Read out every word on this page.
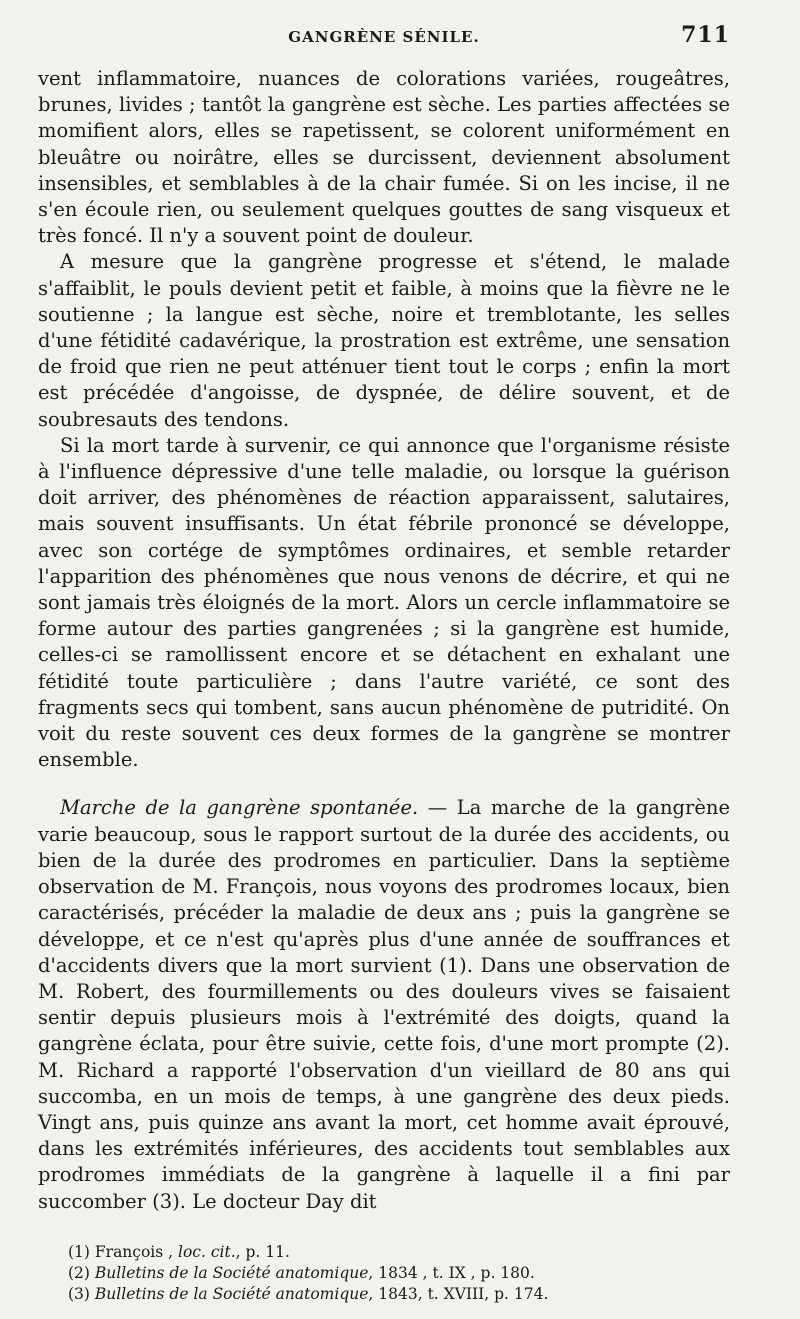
GANGRÈNE SÉNILE.	711

vent inflammatoire, nuances de colorations variées, rougeâtres, brunes, livides ; tantôt la gangrène est sèche. Les parties affectées se momifient alors, elles se rapetissent, se colorent uniformément en bleuâtre ou noirâtre, elles se durcissent, deviennent absolument insensibles, et semblables à de la chair fumée. Si on les incise, il ne s'en écoule rien, ou seulement quelques gouttes de sang visqueux et très foncé. Il n'y a souvent point de douleur.

A mesure que la gangrène progresse et s'étend, le malade s'affaiblit, le pouls devient petit et faible, à moins que la fièvre ne le soutienne ; la langue est sèche, noire et tremblotante, les selles d'une fétidité cadavérique, la prostration est extrême, une sensation de froid que rien ne peut atténuer tient tout le corps ; enfin la mort est précédée d'angoisse, de dyspnée, de délire souvent, et de soubresauts des tendons.

Si la mort tarde à survenir, ce qui annonce que l'organisme résiste à l'influence dépressive d'une telle maladie, ou lorsque la guérison doit arriver, des phénomènes de réaction apparaissent, salutaires, mais souvent insuffisants. Un état fébrile prononcé se développe, avec son cortége de symptômes ordinaires, et semble retarder l'apparition des phénomènes que nous venons de décrire, et qui ne sont jamais très éloignés de la mort. Alors un cercle inflammatoire se forme autour des parties gangrenées ; si la gangrène est humide, celles-ci se ramollissent encore et se détachent en exhalant une fétidité toute particulière ; dans l'autre variété, ce sont des fragments secs qui tombent, sans aucun phénomène de putridité. On voit du reste souvent ces deux formes de la gangrène se montrer ensemble.

Marche de la gangrène spontanée. — La marche de la gangrène varie beaucoup, sous le rapport surtout de la durée des accidents, ou bien de la durée des prodromes en particulier. Dans la septième observation de M. François, nous voyons des prodromes locaux, bien caractérisés, précéder la maladie de deux ans ; puis la gangrène se développe, et ce n'est qu'après plus d'une année de souffrances et d'accidents divers que la mort survient (1). Dans une observation de M. Robert, des fourmillements ou des douleurs vives se faisaient sentir depuis plusieurs mois à l'extrémité des doigts, quand la gangrène éclata, pour être suivie, cette fois, d'une mort prompte (2). M. Richard a rapporté l'observation d'un vieillard de 80 ans qui succomba, en un mois de temps, à une gangrène des deux pieds. Vingt ans, puis quinze ans avant la mort, cet homme avait éprouvé, dans les extrémités inférieures, des accidents tout semblables aux prodromes immédiats de la gangrène à laquelle il a fini par succomber (3). Le docteur Day dit

(1) François , loc. cit., p. 11.
(2) Bulletins de la Société anatomique, 1834 , t. IX , p. 180.
(3) Bulletins de la Société anatomique, 1843, t. XVIII, p. 174.
